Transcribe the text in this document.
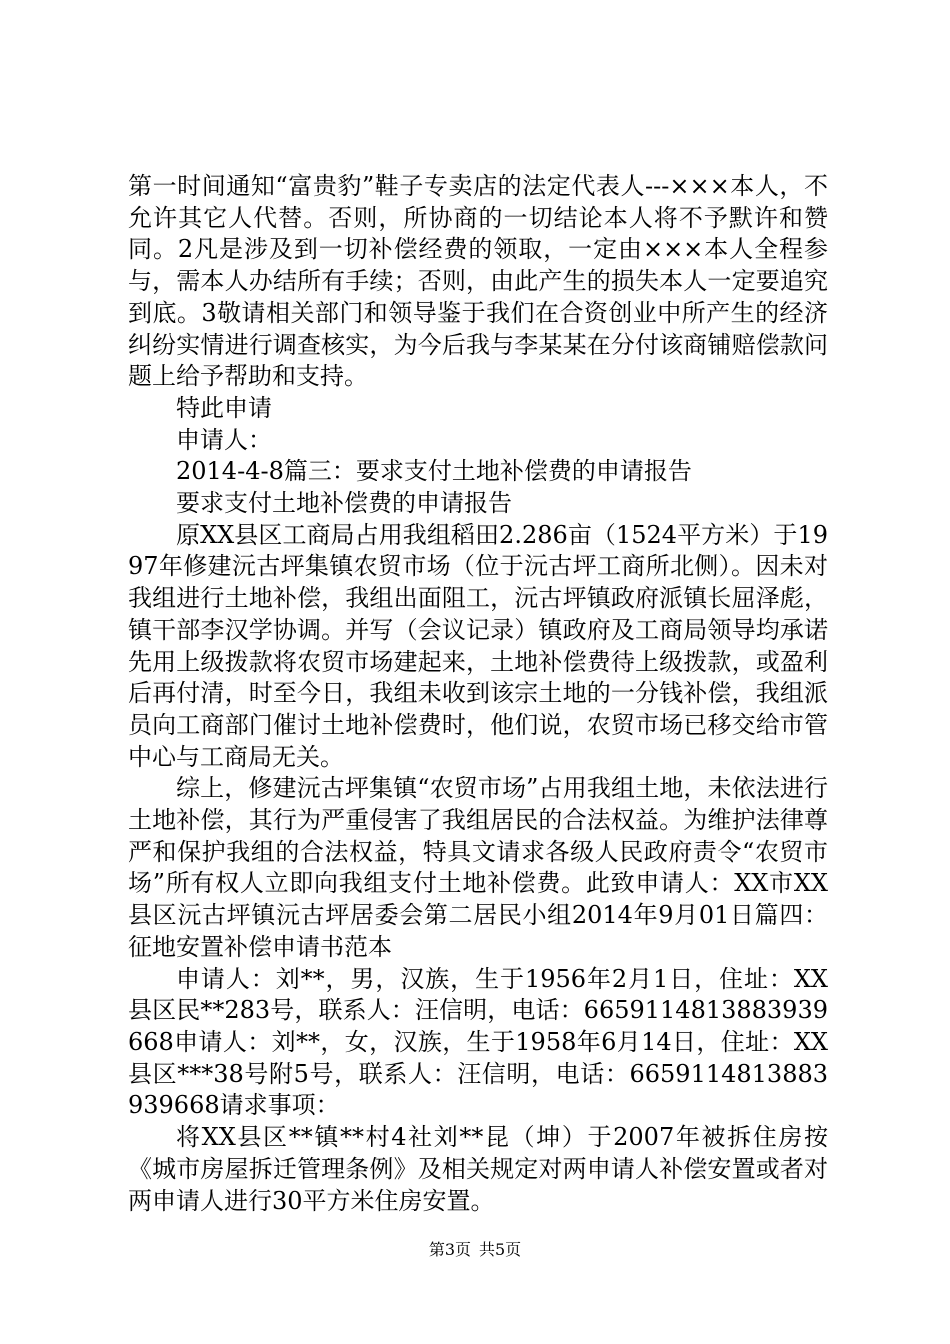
第一时间通知“富贵豹”鞋子专卖店的法定代表人---×××本人，不允许其它人代替。否则，所协商的一切结论本人将不予默许和赞同。2凡是涉及到一切补偿经费的领取，一定由×××本人全程参与，需本人办结所有手续；否则，由此产生的损失本人一定要追究到底。3敬请相关部门和领导鉴于我们在合资创业中所产生的经济纠纷实情进行调查核实，为今后我与李某某在分付该商铺赔偿款问题上给予帮助和支持。

特此申请

申请人：

2014-4-8篇三：要求支付土地补偿费的申请报告

要求支付土地补偿费的申请报告

原XX县区工商局占用我组稻田2.286亩（1524平方米）于1997年修建沅古坪集镇农贸市场（位于沅古坪工商所北侧）。因未对我组进行土地补偿，我组出面阻工，沅古坪镇政府派镇长屈泽彪，镇干部李汉学协调。并写（会议记录）镇政府及工商局领导均承诺先用上级拨款将农贸市场建起来，土地补偿费待上级拨款，或盈利后再付清，时至今日，我组未收到该宗土地的一分钱补偿，我组派员向工商部门催讨土地补偿费时，他们说，农贸市场已移交给市管中心与工商局无关。

综上，修建沅古坪集镇“农贸市场”占用我组土地，未依法进行土地补偿，其行为严重侵害了我组居民的合法权益。为维护法律尊严和保护我组的合法权益，特具文请求各级人民政府责令“农贸市场”所有权人立即向我组支付土地补偿费。此致申请人：XX市XX县区沅古坪镇沅古坪居委会第二居民小组2014年9月01日篇四：征地安置补偿申请书范本

申请人：刘**，男，汉族，生于1956年2月1日，住址：XX县区民**283号，联系人：汪信明，电话：6659114813883939668申请人：刘**，女，汉族，生于1958年6月14日，住址：XX县区***38号附5号，联系人：汪信明，电话：6659114813883939668请求事项：

将XX县区**镇**村4社刘**昆（坤）于2007年被拆住房按《城市房屋拆迁管理条例》及相关规定对两申请人补偿安置或者对两申请人进行30平方米住房安置。

第3页 共5页
